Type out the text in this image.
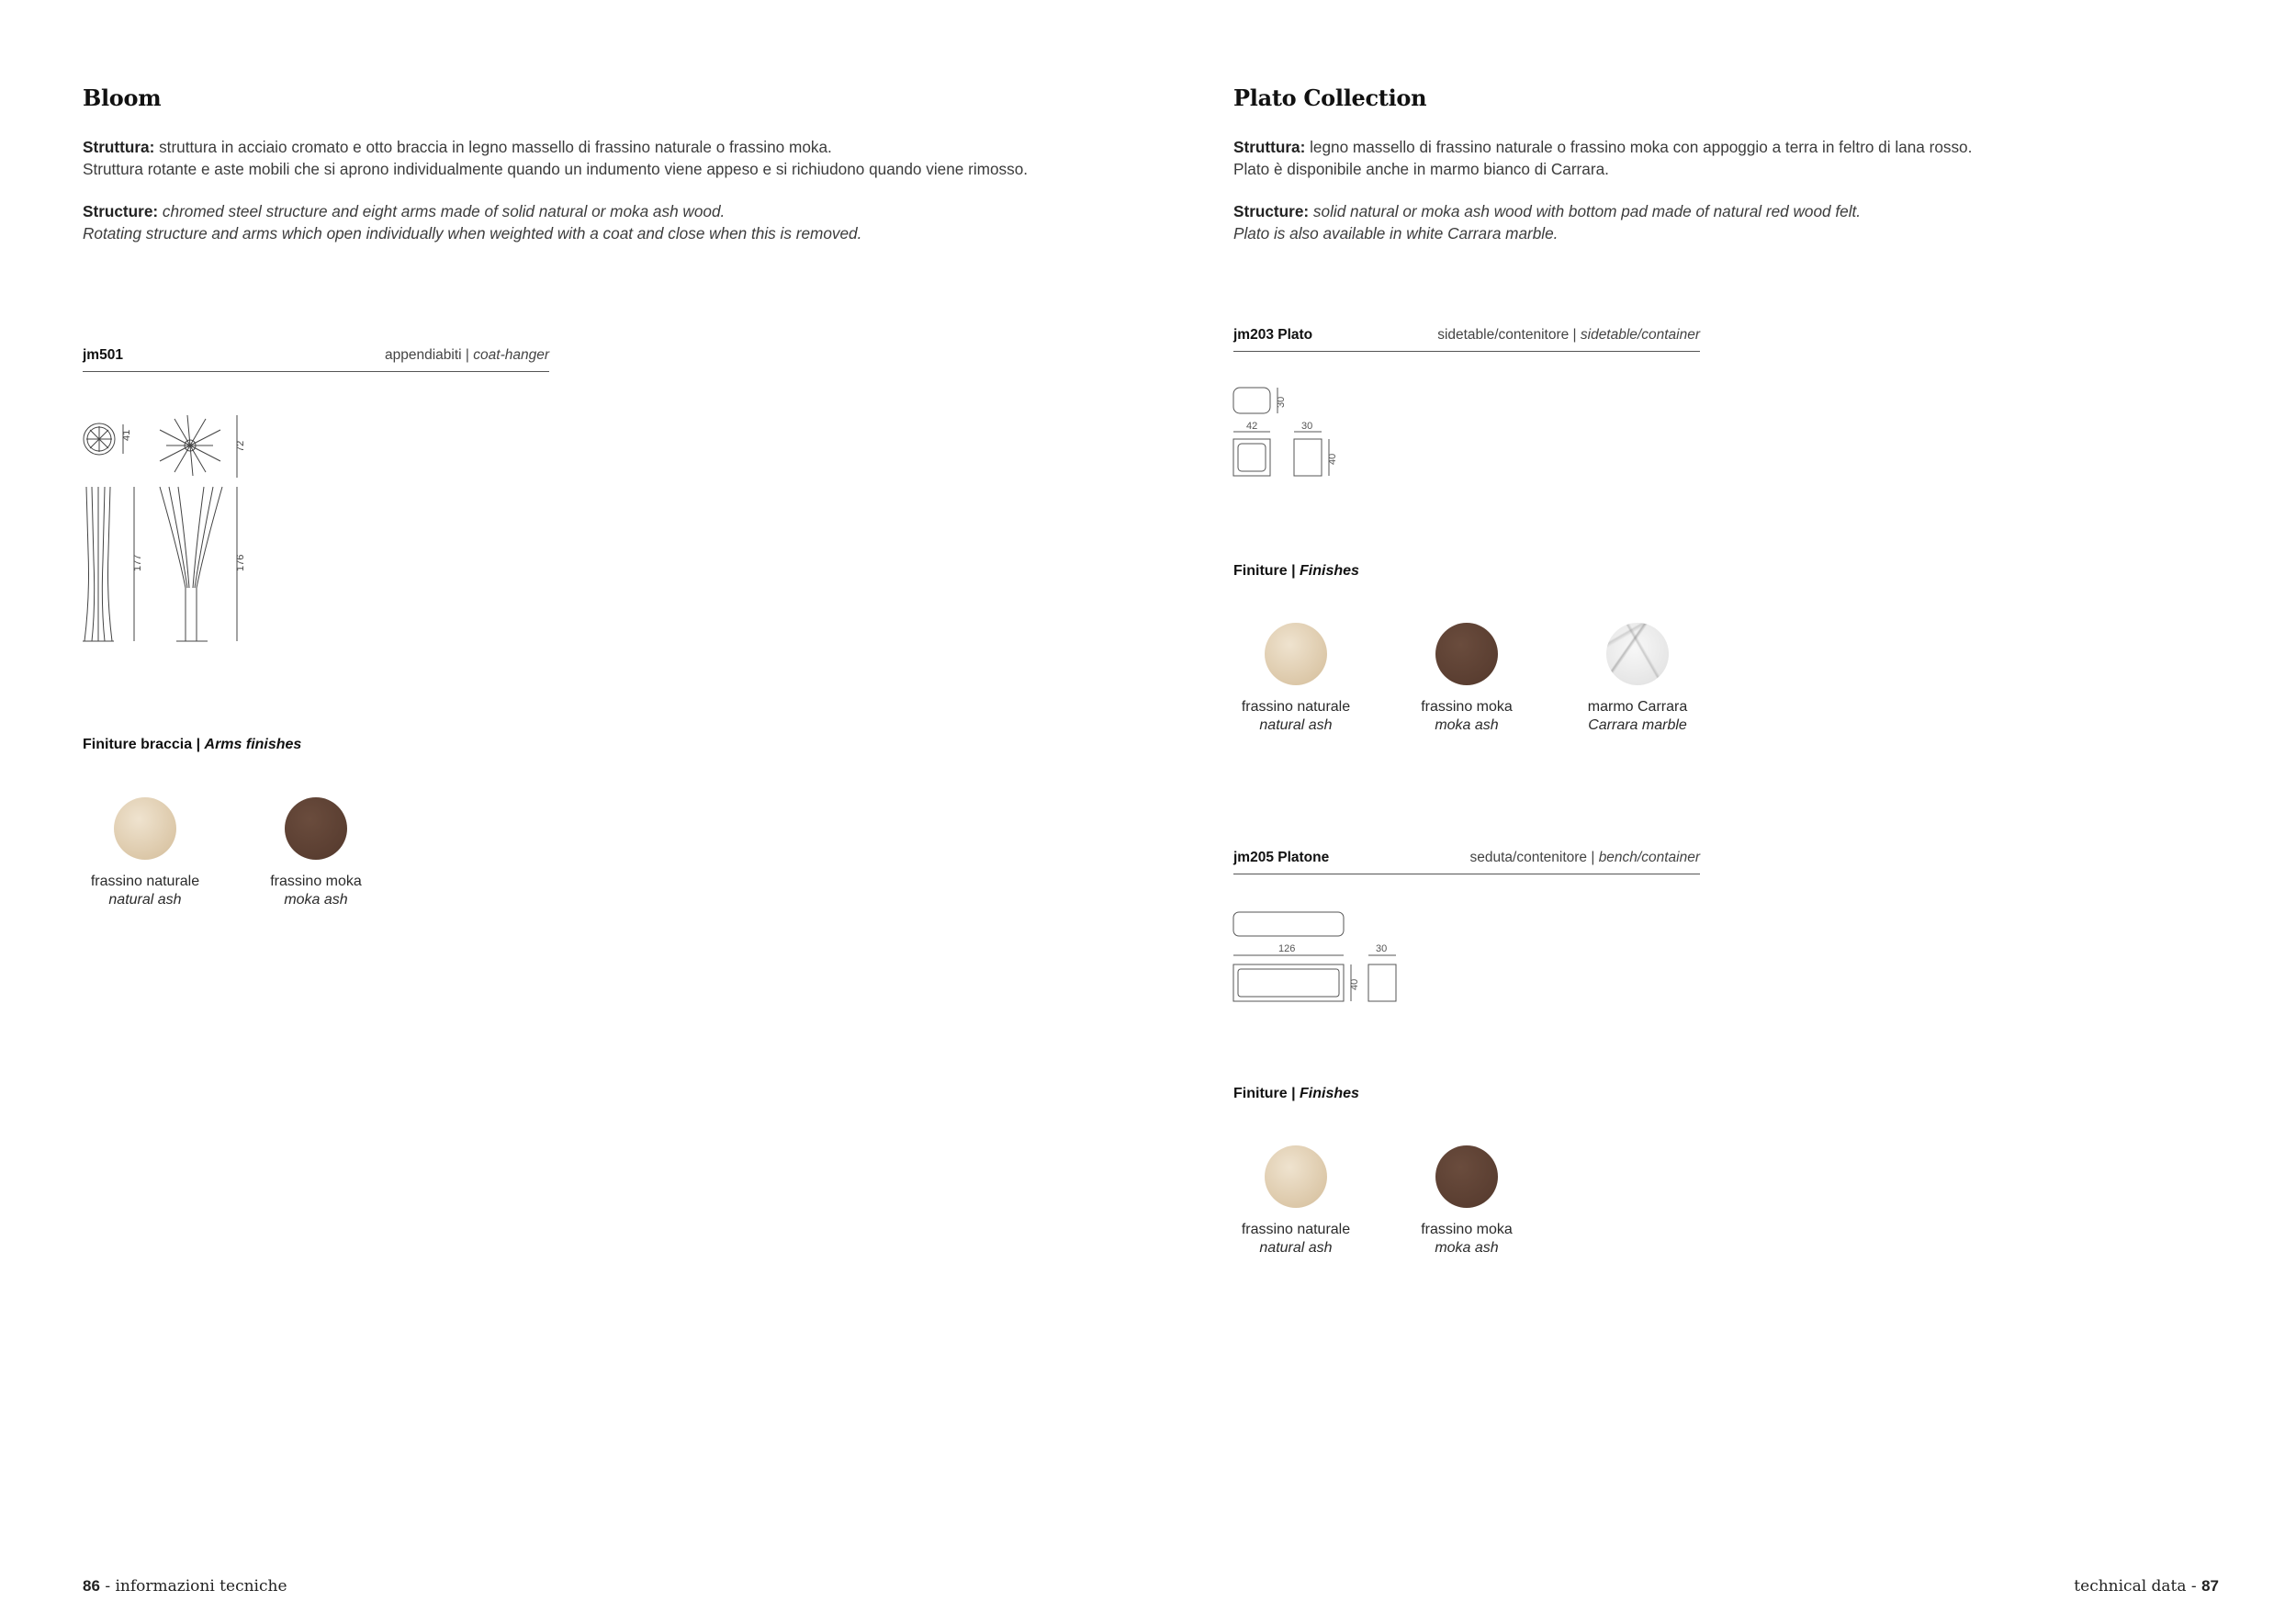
Bloom
Struttura: struttura in acciaio cromato e otto braccia in legno massello di frassino naturale o frassino moka.
Struttura rotante e aste mobili che si aprono individualmente quando un indumento viene appeso e si richiudono quando viene rimosso.
Structure: chromed steel structure and eight arms made of solid natural or moka ash wood.
Rotating structure and arms which open individually when weighted with a coat and close when this is removed.
jm501	appendiabiti | coat-hanger
41
72
177	176
Finiture braccia | Arms finishes
frassino naturale
natural ash
frassino moka
moka ash
Plato Collection
Struttura: legno massello di frassino naturale o frassino moka con appoggio a terra in feltro di lana rosso.
Plato è disponibile anche in marmo bianco di Carrara.
Structure: solid natural or moka ash wood with bottom pad made of natural red wood felt.
Plato is also available in white Carrara marble.
jm203 Plato	sidetable/contenitore | sidetable/container
30
42	30
40
Finiture | Finishes
frassino naturale
natural ash
frassino moka
moka ash
marmo Carrara
Carrara marble
jm205 Platone	seduta/contenitore | bench/container
126	30
40
Finiture | Finishes
frassino naturale
natural ash
frassino moka
moka ash
86 - informazioni tecniche	technical data - 87
